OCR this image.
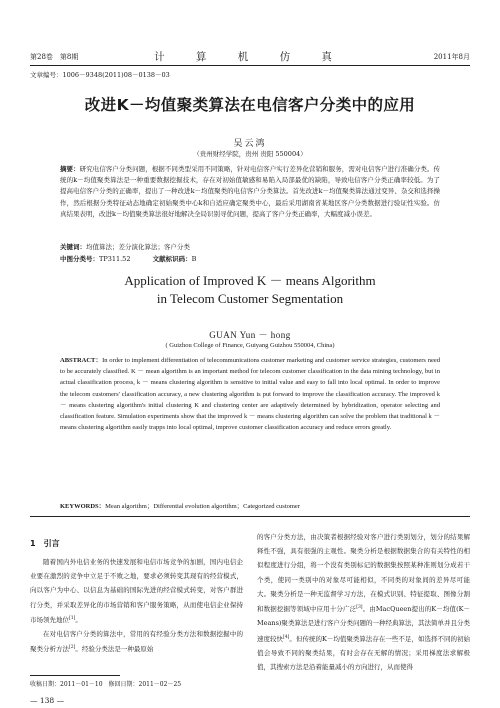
第28卷　第8期	计 算 机 仿 真	2011年8月
文章编号：1006－9348(2011)08－0138－03
改进K－均值聚类算法在电信客户分类中的应用
吴云鸿
（贵州财经学院，贵州 贵阳 550004）
摘要：研究电信客户分类问题，根据不同类型采用不同策略，针对电信客户实行差异化营销和服务，需对电信客户进行准确分类。传统的k－均值聚类算法是一种重要数据挖掘技术，存在对初始值敏感和易陷入局部最优的缺陷，导致电信客户分类正确率较低。为了提高电信客户分类的正确率，提出了一种改进k－均值聚类的电信客户分类算法。首先改进k－均值聚类算法通过变异、杂交和选择操作，然后根据分类特征动态地确定初始聚类中心k和自适应确定聚类中心，最后采用湖南省某地区客户分类数据进行验证性实验。仿真结果表明，改进k－均值聚类算法很好地解决全局识别寻优问题，提高了客户分类正确率，大幅度减小误差。
关键词：均值算法；差分演化算法；客户分类
中图分类号：TP311.52	文献标识码：B
Application of Improved K － means Algorithm
in Telecom Customer Segmentation
GUAN Yun － hong
( Guizhou College of Finance, Guiyang Guizhou 550004, China)
ABSTRACT：In order to implement differentiation of telecommunications customer marketing and customer service strategies, customers need to be accurately classified. K － mean algorithm is an important method for telecom customer classification in the data mining technology, but in actual classification process, k － means clustering algorithm is sensitive to initial value and easy to fall into local optimal. In order to improve the telecom customers' classification accuracy, a new clustering algorithm is put forward to improve the classification accuracy. The improved k － means clustering algorithm's initial clustering K and clustering center are adaptively determined by hybridization, operator selecting and classification feature. Simulation experiments show that the improved k － means clustering algorithm can solve the problem that traditional k － means clustering algorithm easily trapps into local optimal, improve customer classification accuracy and reduce errors greatly.
KEYWORDS：Mean algorithm；Differential evolution algorithm；Categorized customer
1　引言

随着国内外电信业务的快速发展和电信市场竞争的加剧，国内电信企业要在激烈的竞争中立足于不败之地，要求必须转变其现有的经营模式，向以客户为中心、以信息为基础的国际先进的经营模式转变，对客户群进行分类，并采取差异化的市场营销和客户服务策略，从而使电信企业保持市场领先地位[1]。

在对电信客户分类的算法中，常用的有经验分类方法和数据挖掘中的聚类分析方法[2]。经验分类法是一种最原始

的客户分类方法，由决策者根据经验对客户进行类别划分，划分的结果解释性不强，具有很强的主观性。聚类分析是根据数据集合的有关特性的相似程度进行分组，将一个没有类别标记的数据集按照某种准则划分成若干个类，使同一类别中的对象尽可能相似，不同类的对象间的差异尽可能大。聚类分析是一种无监督学习方法，在模式识别、特征提取、图像分割和数据挖掘等领域中应用十分广泛[3]。由MacQueen提出的K－均值(K－Means)聚类算法是进行客户分类问题的一种经典算法，其法简单并且分类速度较快[4]。但传统的K－均值聚类算法存在一些不足，如选择不同的初始值会导致不同的聚类结果，有时会存在无解的情况；采用梯度法求解极值，其搜索方法是沿着能量减小的方向进行，从而使得

收稿日期：2011－01－10　修回日期：2011－02－25
— 138 —
